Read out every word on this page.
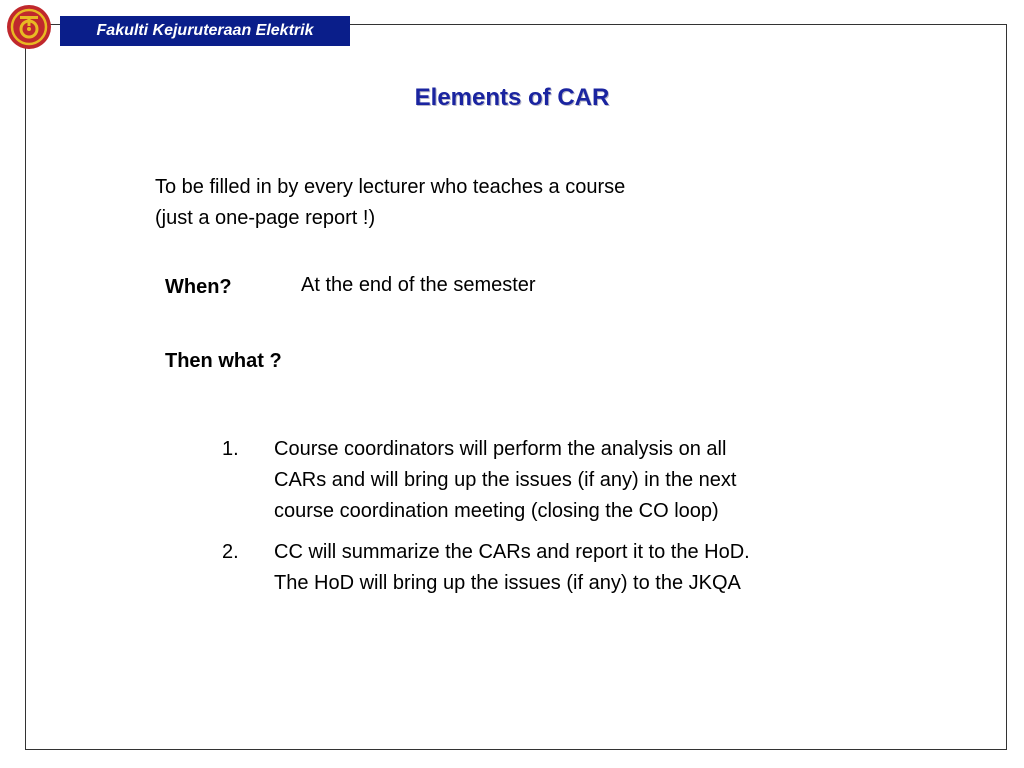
Fakulti Kejuruteraan Elektrik
Elements of CAR
To be filled in by every lecturer who teaches a course
(just a one-page report !)
When?	At the end of the semester
Then what ?
1. Course coordinators will perform the analysis on all
CARs and will bring up the issues (if any) in the next
course coordination meeting (closing the CO loop)
2. CC will summarize the CARs and report it to the HoD.
The HoD will bring up the issues (if any) to the JKQA
